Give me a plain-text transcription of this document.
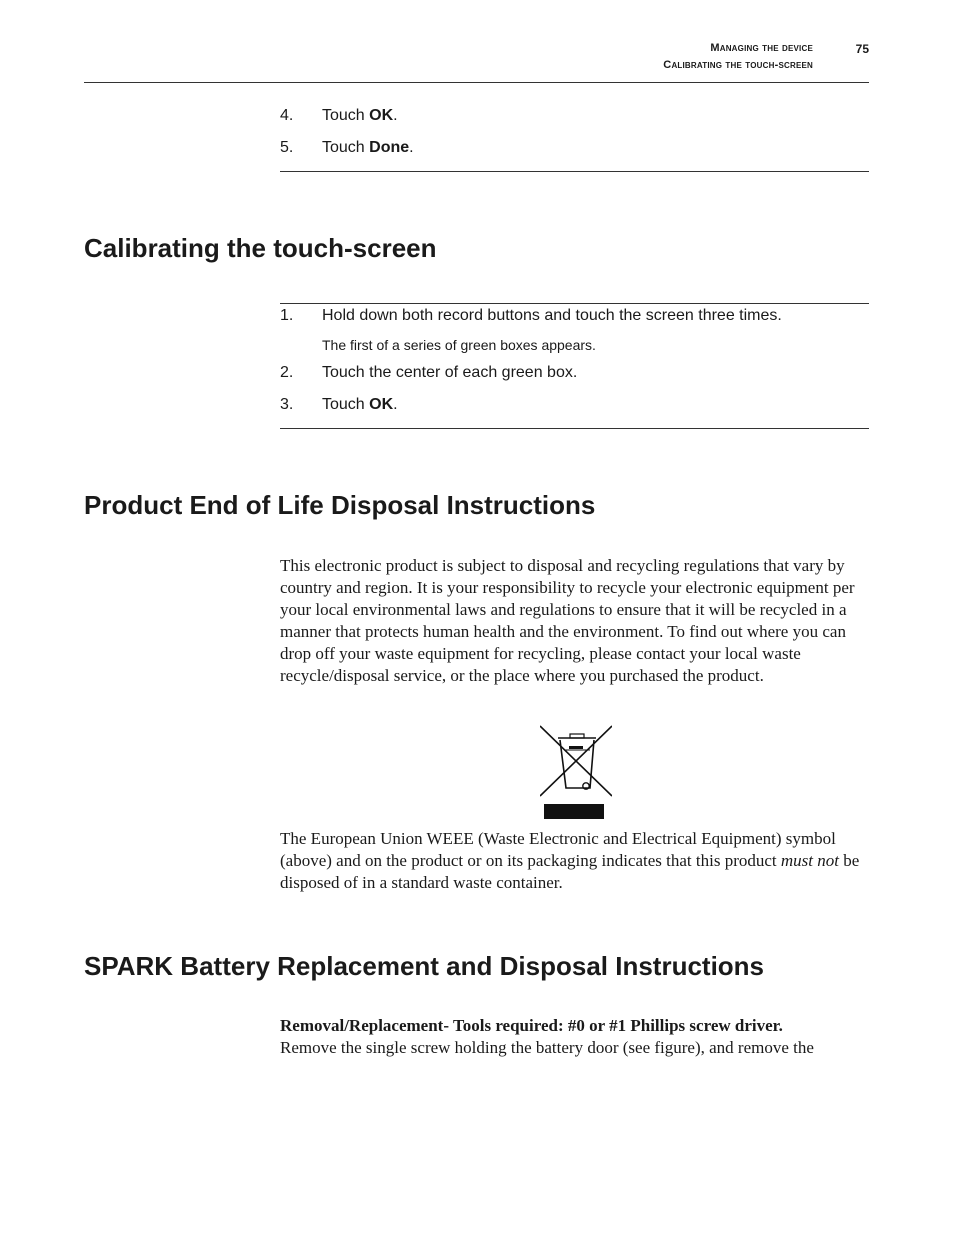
Managing the device	75
Calibrating the touch-screen
4. Touch OK.
5. Touch Done.
Calibrating the touch-screen
1. Hold down both record buttons and touch the screen three times.
The first of a series of green boxes appears.
2. Touch the center of each green box.
3. Touch OK.
Product End of Life Disposal Instructions

This electronic product is subject to disposal and recycling regulations that vary by country and region. It is your responsibility to recycle your electronic equipment per your local environmental laws and regulations to ensure that it will be recycled in a manner that protects human health and the environment. To find out where you can drop off your waste equipment for recycling, please contact your local waste recycle/disposal service, or the place where you purchased the product.

The European Union WEEE (Waste Electronic and Electrical Equipment) symbol (above) and on the product or on its packaging indicates that this product must not be disposed of in a standard waste container.

SPARK Battery Replacement and Disposal Instructions

Removal/Replacement- Tools required: #0 or #1 Phillips screw driver.
Remove the single screw holding the battery door (see figure), and remove the
